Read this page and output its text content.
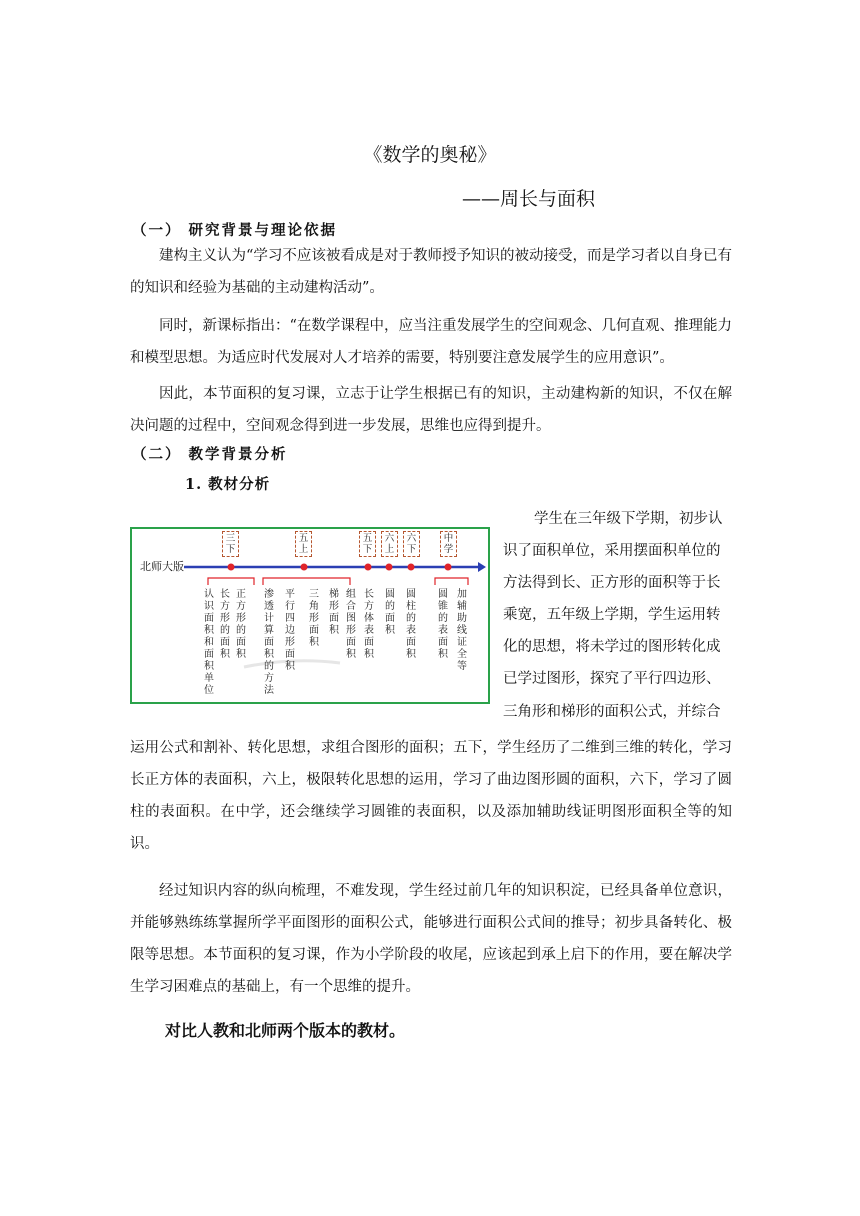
《数学的奥秘》
——周长与面积
（一） 研究背景与理论依据
建构主义认为“学习不应该被看成是对于教师授予知识的被动接受，而是学习者以自身已有的知识和经验为基础的主动建构活动”。
同时，新课标指出：“在数学课程中，应当注重发展学生的空间观念、几何直观、推理能力和模型思想。为适应时代发展对人才培养的需要，特别要注意发展学生的应用意识”。
因此，本节面积的复习课，立志于让学生根据已有的知识，主动建构新的知识，不仅在解决问题的过程中，空间观念得到进一步发展，思维也应得到提升。
（二） 教学背景分析
1. 教材分析
学生在三年级下学期，初步认
识了面积单位，采用摆面积单位的
方法得到长、正方形的面积等于长
乘宽，五年级上学期，学生运用转
化的思想，将未学过的图形转化成
已学过图形，探究了平行四边形、
三角形和梯形的面积公式，并综合
北师大版
三下
五上
五下
六上
六下
中学
认识面积和面积单位
长方形的面积
正方形的面积
渗透计算面积的方法
平行四边形面积
三角形面积
梯形面积
组合图形面积
长方体表面积
圆的面积
圆柱的表面积
圆锥的表面积
加辅助线证全等
运用公式和割补、转化思想，求组合图形的面积；五下，学生经历了二维到三维的转化，学习长正方体的表面积，六上，极限转化思想的运用，学习了曲边图形圆的面积，六下，学习了圆柱的表面积。在中学，还会继续学习圆锥的表面积，以及添加辅助线证明图形面积全等的知识。
经过知识内容的纵向梳理，不难发现，学生经过前几年的知识积淀，已经具备单位意识，并能够熟练练掌握所学平面图形的面积公式，能够进行面积公式间的推导；初步具备转化、极限等思想。本节面积的复习课，作为小学阶段的收尾，应该起到承上启下的作用，要在解决学生学习困难点的基础上，有一个思维的提升。
对比人教和北师两个版本的教材。
